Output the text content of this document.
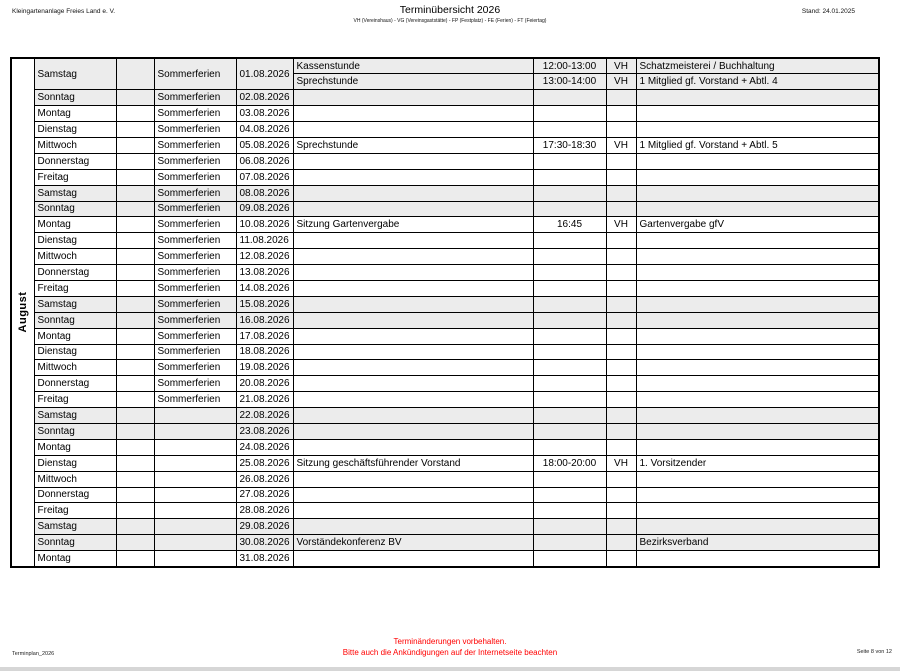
Kleingartenanlage Freies Land e. V.	Terminübersicht 2026
VH (Vereinshaus) - VG (Vereinsgaststätte) - FP (Festplatz) - FE (Ferien) - FT (Feiertag)
Stand: 24.01.2025
August	Samstag		Sommerferien	01.08.2026	Kassenstunde	12:00-13:00	VH	Schatzmeisterei / Buchhaltung
					Sprechstunde	13:00-14:00	VH	1 Mitglied gf. Vorstand + Abtl. 4
	Sonntag		Sommerferien	02.08.2026				
	Montag		Sommerferien	03.08.2026				
	Dienstag		Sommerferien	04.08.2026				
	Mittwoch		Sommerferien	05.08.2026	Sprechstunde	17:30-18:30	VH	1 Mitglied gf. Vorstand + Abtl. 5
	Donnerstag		Sommerferien	06.08.2026				
	Freitag		Sommerferien	07.08.2026				
	Samstag		Sommerferien	08.08.2026				
	Sonntag		Sommerferien	09.08.2026				
	Montag		Sommerferien	10.08.2026	Sitzung Gartenvergabe	16:45	VH	Gartenvergabe gfV
	Dienstag		Sommerferien	11.08.2026				
	Mittwoch		Sommerferien	12.08.2026				
	Donnerstag		Sommerferien	13.08.2026				
	Freitag		Sommerferien	14.08.2026				
	Samstag		Sommerferien	15.08.2026				
	Sonntag		Sommerferien	16.08.2026				
	Montag		Sommerferien	17.08.2026				
	Dienstag		Sommerferien	18.08.2026				
	Mittwoch		Sommerferien	19.08.2026				
	Donnerstag		Sommerferien	20.08.2026				
	Freitag		Sommerferien	21.08.2026				
	Samstag			22.08.2026				
	Sonntag			23.08.2026				
	Montag			24.08.2026				
	Dienstag			25.08.2026	Sitzung geschäftsführender Vorstand	18:00-20:00	VH	1. Vorsitzender
	Mittwoch			26.08.2026				
	Donnerstag			27.08.2026				
	Freitag			28.08.2026				
	Samstag			29.08.2026				
	Sonntag			30.08.2026	Vorständekonferenz BV			Bezirksverband
	Montag			31.08.2026				
Terminänderungen vorbehalten.
Bitte auch die Ankündigungen auf der Internetseite beachten
Terminplan_2026	Seite 8 von 12
